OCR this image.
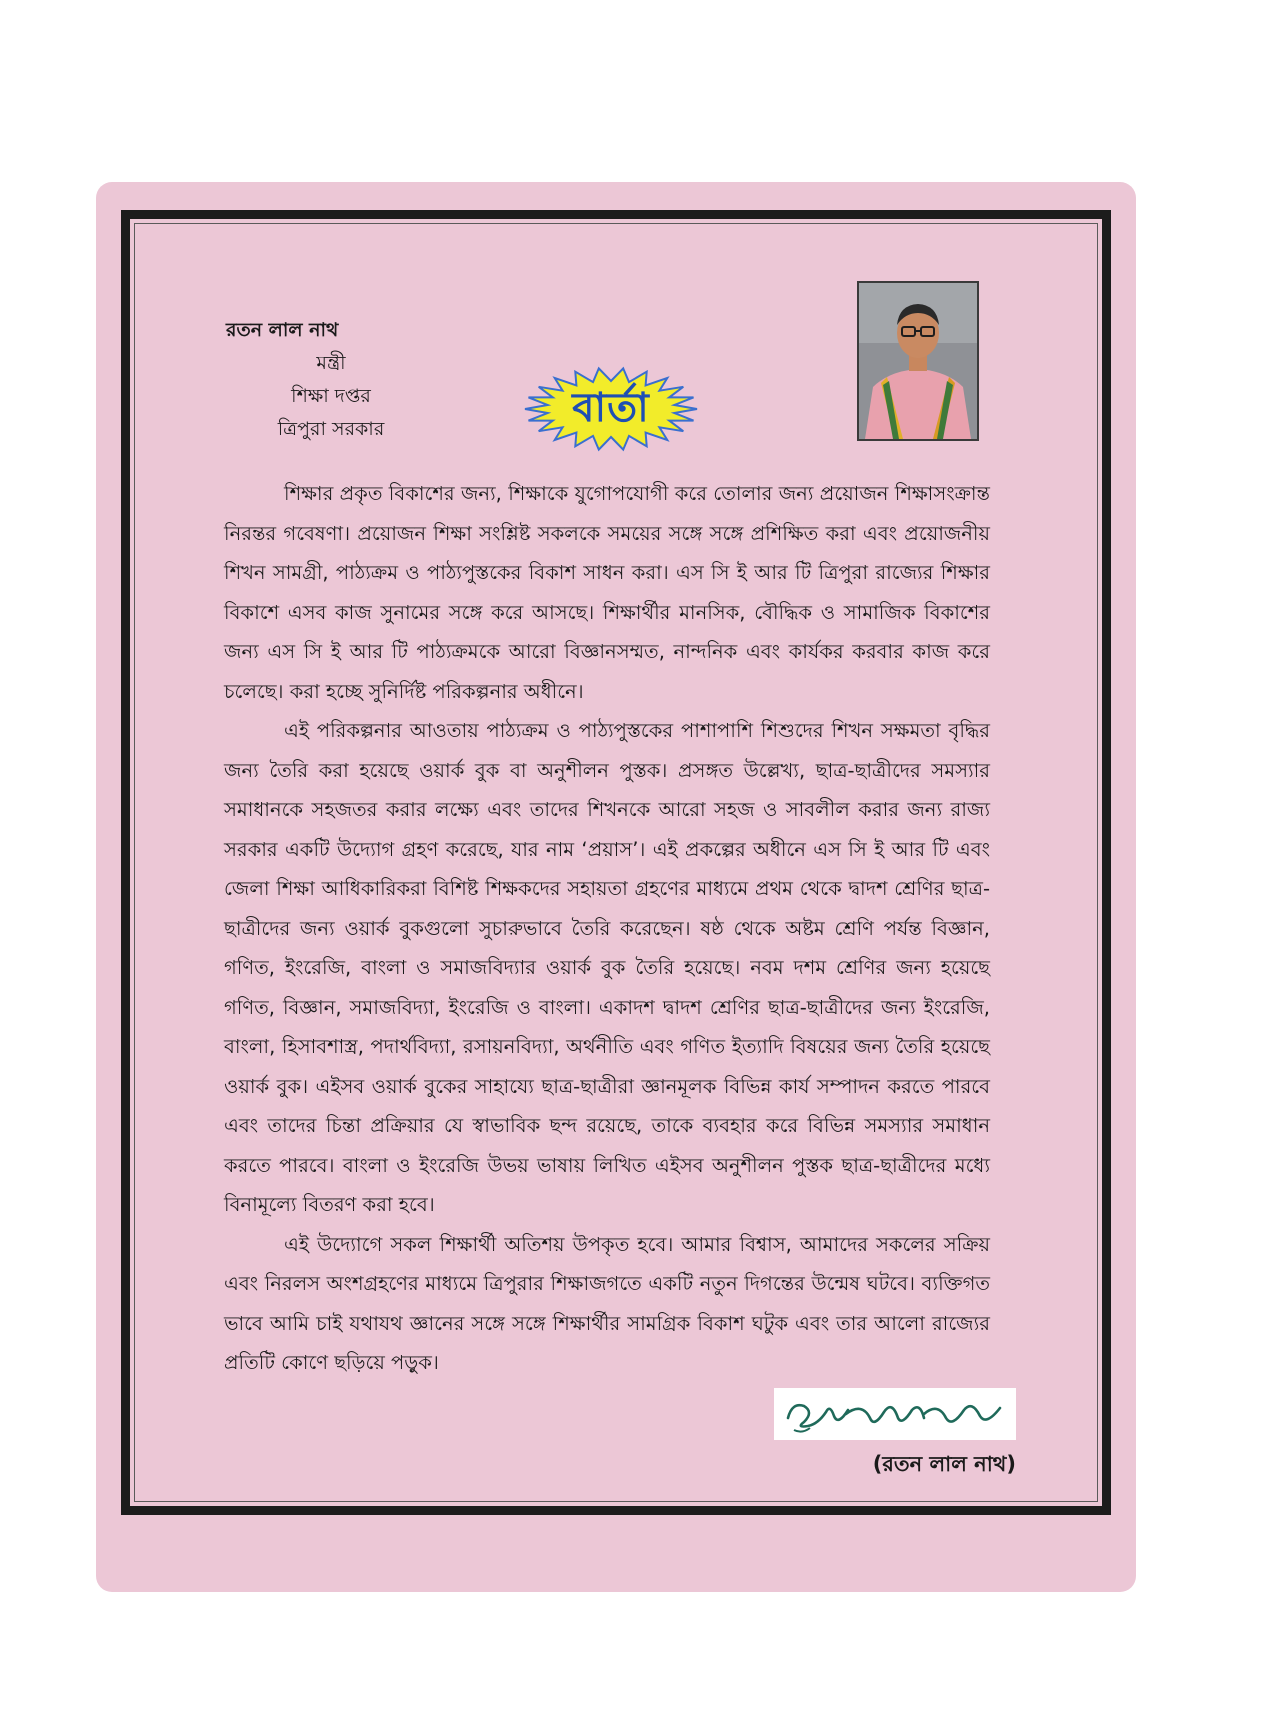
রতন লাল নাথ
মন্ত্রী
শিক্ষা দপ্তর
ত্রিপুরা সরকার	বার্তা

শিক্ষার প্রকৃত বিকাশের জন্য, শিক্ষাকে যুগোপযোগী করে তোলার জন্য প্রয়োজন শিক্ষাসংক্রান্ত নিরন্তর গবেষণা। প্রয়োজন শিক্ষা সংশ্লিষ্ট সকলকে সময়ের সঙ্গে সঙ্গে প্রশিক্ষিত করা এবং প্রয়োজনীয় শিখন সামগ্রী, পাঠ্যক্রম ও পাঠ্যপুস্তকের বিকাশ সাধন করা। এস সি ই আর টি ত্রিপুরা রাজ্যের শিক্ষার বিকাশে এসব কাজ সুনামের সঙ্গে করে আসছে। শিক্ষার্থীর মানসিক, বৌদ্ধিক ও সামাজিক বিকাশের জন্য এস সি ই আর টি পাঠ্যক্রমকে আরো বিজ্ঞানসম্মত, নান্দনিক এবং কার্যকর করবার কাজ করে চলেছে। করা হচ্ছে সুনির্দিষ্ট পরিকল্পনার অধীনে।

এই পরিকল্পনার আওতায় পাঠ্যক্রম ও পাঠ্যপুস্তকের পাশাপাশি শিশুদের শিখন সক্ষমতা বৃদ্ধির জন্য তৈরি করা হয়েছে ওয়ার্ক বুক বা অনুশীলন পুস্তক। প্রসঙ্গত উল্লেখ্য, ছাত্র-ছাত্রীদের সমস্যার সমাধানকে সহজতর করার লক্ষ্যে এবং তাদের শিখনকে আরো সহজ ও সাবলীল করার জন্য রাজ্য সরকার একটি উদ্যোগ গ্রহণ করেছে, যার নাম ‘প্রয়াস’। এই প্রকল্পের অধীনে এস সি ই আর টি এবং জেলা শিক্ষা আধিকারিকরা বিশিষ্ট শিক্ষকদের সহায়তা গ্রহণের মাধ্যমে প্রথম থেকে দ্বাদশ শ্রেণির ছাত্র-ছাত্রীদের জন্য ওয়ার্ক বুকগুলো সুচারুভাবে তৈরি করেছেন। ষষ্ঠ থেকে অষ্টম শ্রেণি পর্যন্ত বিজ্ঞান, গণিত, ইংরেজি, বাংলা ও সমাজবিদ্যার ওয়ার্ক বুক তৈরি হয়েছে। নবম দশম শ্রেণির জন্য হয়েছে গণিত, বিজ্ঞান, সমাজবিদ্যা, ইংরেজি ও বাংলা। একাদশ দ্বাদশ শ্রেণির ছাত্র-ছাত্রীদের জন্য ইংরেজি, বাংলা, হিসাবশাস্ত্র, পদার্থবিদ্যা, রসায়নবিদ্যা, অর্থনীতি এবং গণিত ইত্যাদি বিষয়ের জন্য তৈরি হয়েছে ওয়ার্ক বুক। এইসব ওয়ার্ক বুকের সাহায্যে ছাত্র-ছাত্রীরা জ্ঞানমূলক বিভিন্ন কার্য সম্পাদন করতে পারবে এবং তাদের চিন্তা প্রক্রিয়ার যে স্বাভাবিক ছন্দ রয়েছে, তাকে ব্যবহার করে বিভিন্ন সমস্যার সমাধান করতে পারবে। বাংলা ও ইংরেজি উভয় ভাষায় লিখিত এইসব অনুশীলন পুস্তক ছাত্র-ছাত্রীদের মধ্যে বিনামূল্যে বিতরণ করা হবে।

এই উদ্যোগে সকল শিক্ষার্থী অতিশয় উপকৃত হবে। আমার বিশ্বাস, আমাদের সকলের সক্রিয় এবং নিরলস অংশগ্রহণের মাধ্যমে ত্রিপুরার শিক্ষাজগতে একটি নতুন দিগন্তের উন্মেষ ঘটবে। ব্যক্তিগত ভাবে আমি চাই যথাযথ জ্ঞানের সঙ্গে সঙ্গে শিক্ষার্থীর সামগ্রিক বিকাশ ঘটুক এবং তার আলো রাজ্যের প্রতিটি কোণে ছড়িয়ে পড়ুক।

(রতন লাল নাথ)
